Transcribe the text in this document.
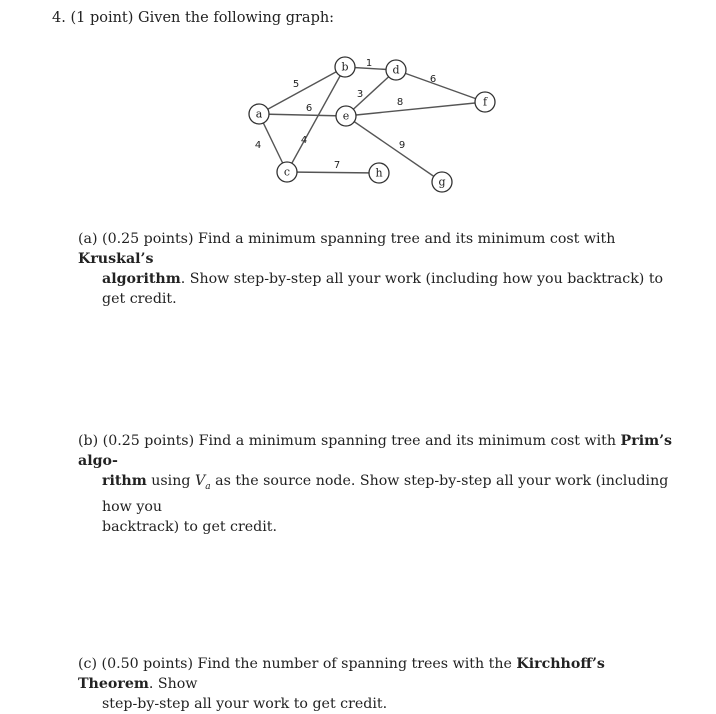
4. (1 point) Given the following graph:
5
6
4
1
4
3
6
8
9
7
a
b
c
d
e
f
g
h
(a) (0.25 points) Find a minimum spanning tree and its minimum cost with Kruskal’s
algorithm. Show step-by-step all your work (including how you backtrack) to get credit.
(b) (0.25 points) Find a minimum spanning tree and its minimum cost with Prim’s algo-
rithm using $V_a$ as the source node. Show step-by-step all your work (including how you
backtrack) to get credit.
(c) (0.50 points) Find the number of spanning trees with the Kirchhoff’s Theorem. Show
step-by-step all your work to get credit.
